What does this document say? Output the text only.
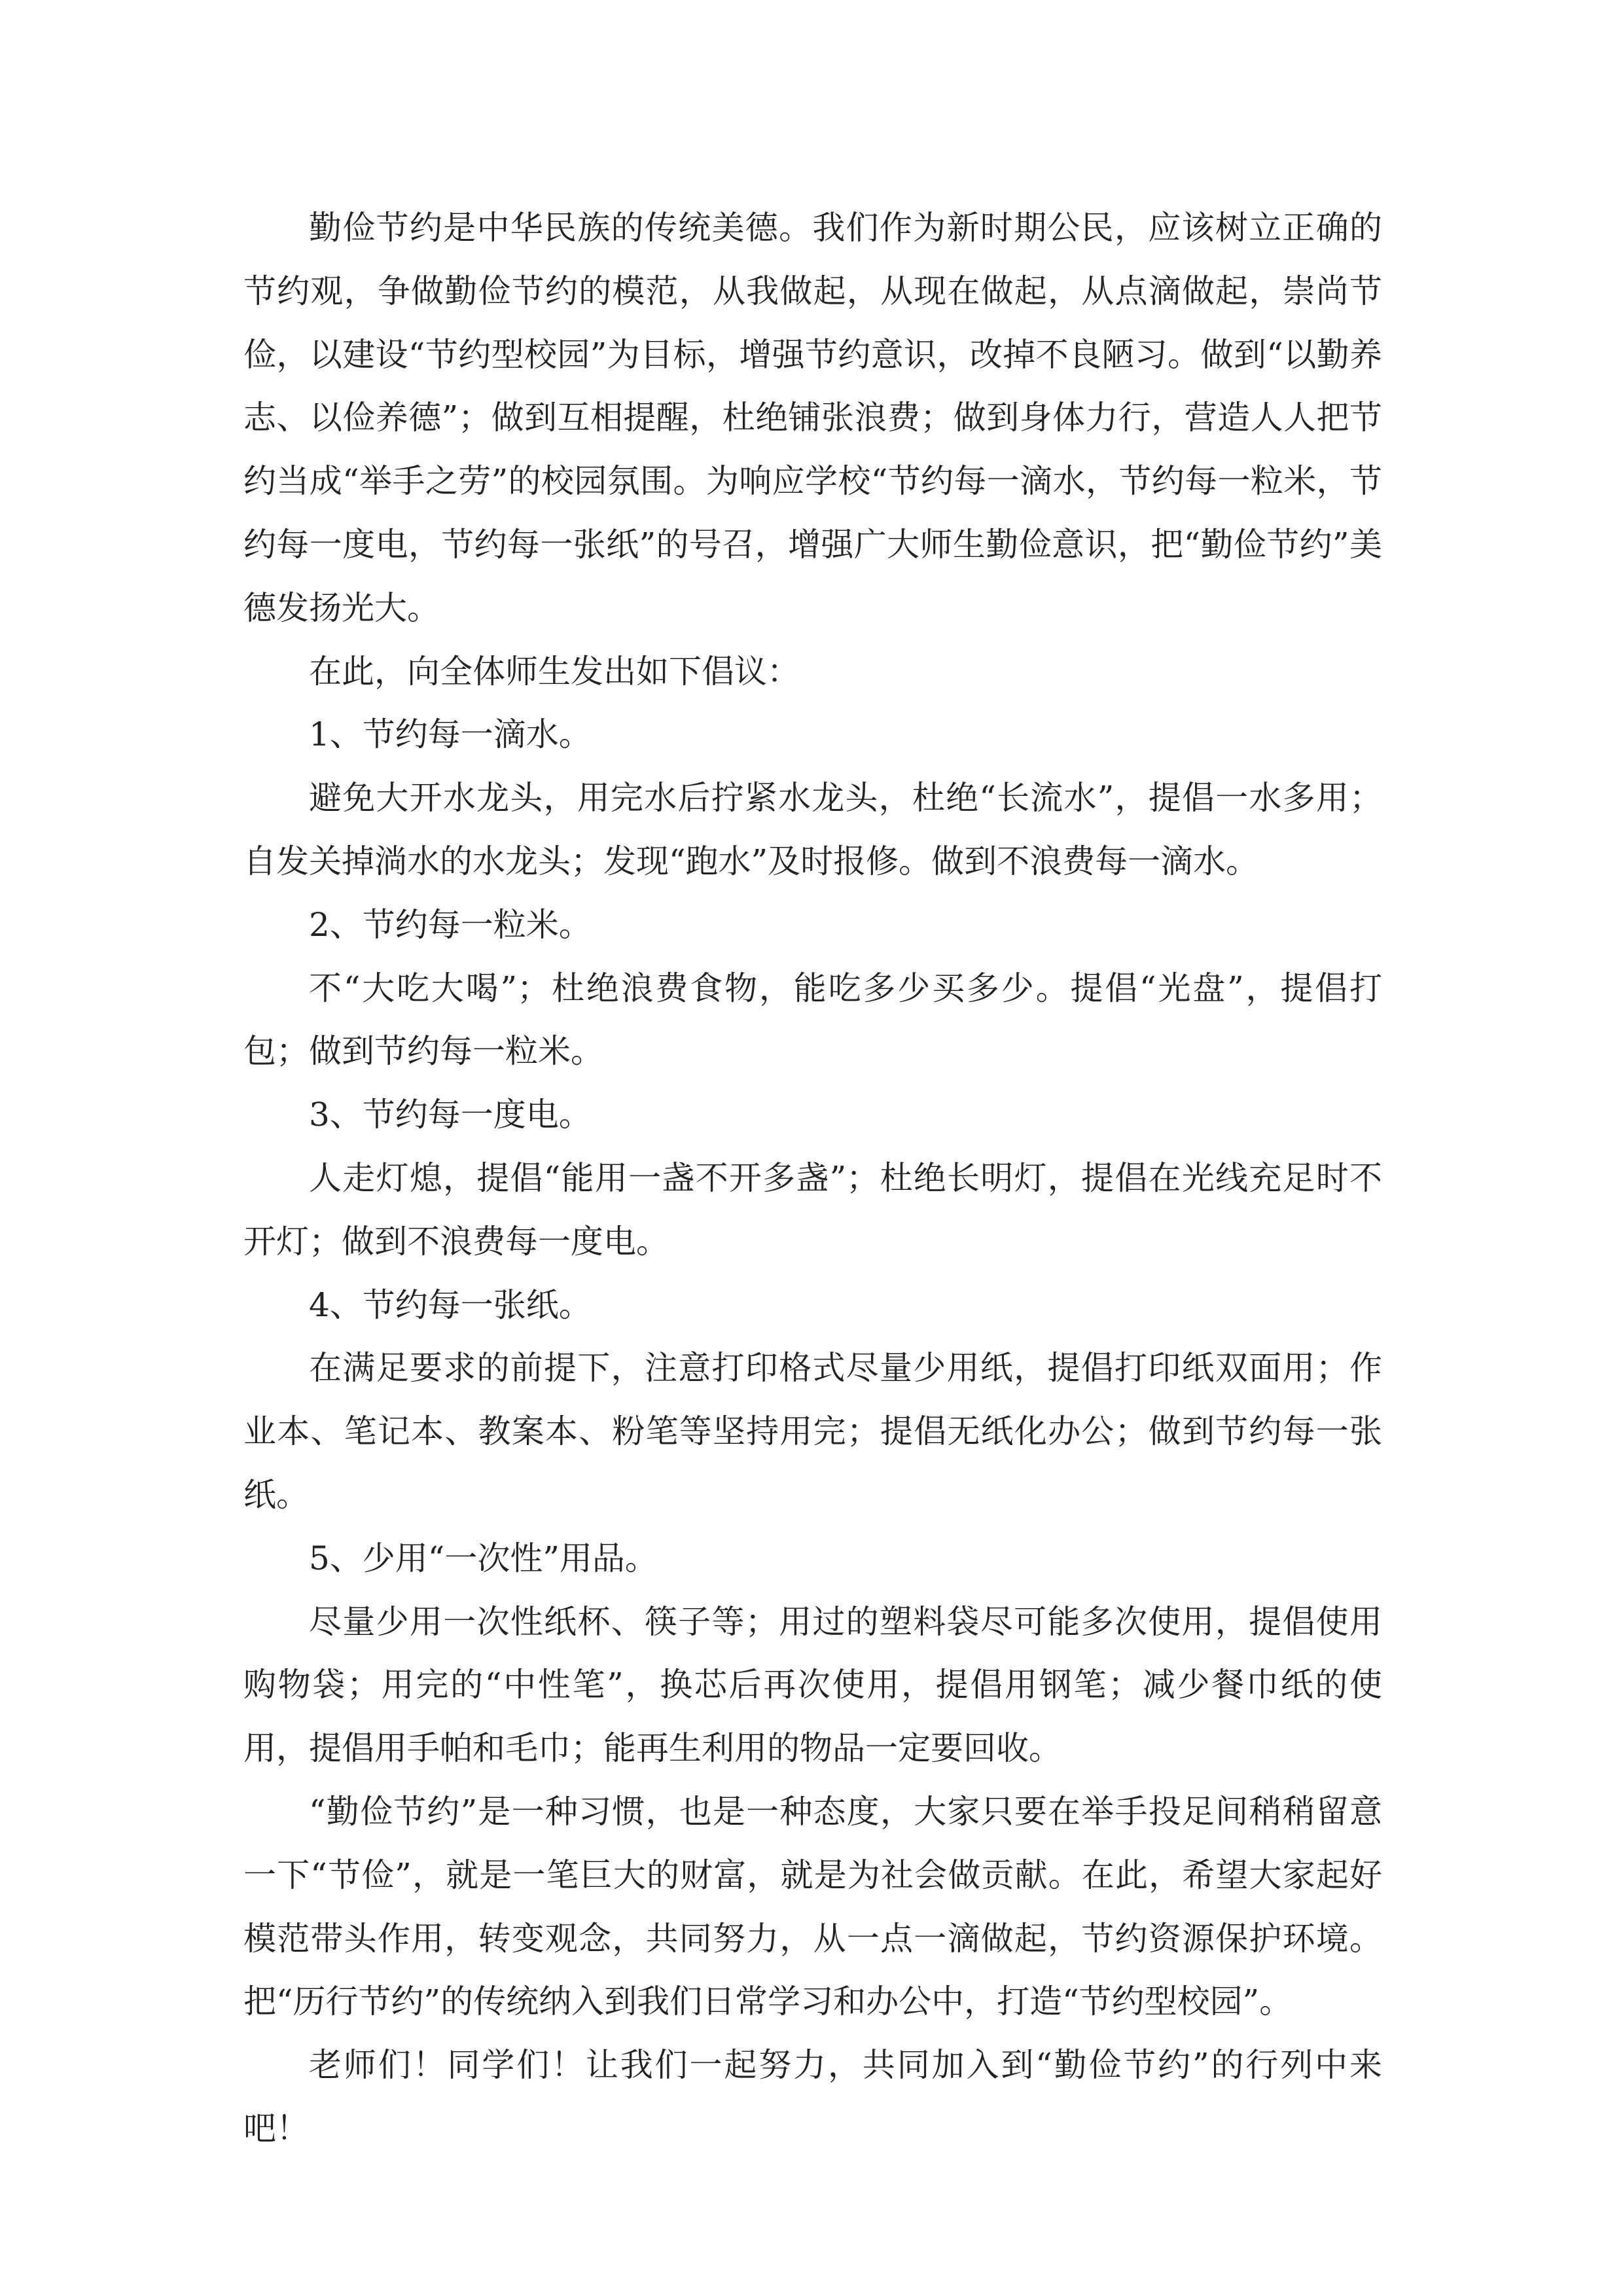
勤俭节约是中华民族的传统美德。我们作为新时期公民，应该树立正确的节约观，争做勤俭节约的模范，从我做起，从现在做起，从点滴做起，崇尚节俭，以建设“节约型校园”为目标，增强节约意识，改掉不良陋习。做到“以勤养志、以俭养德”；做到互相提醒，杜绝铺张浪费；做到身体力行，营造人人把节约当成“举手之劳”的校园氛围。为响应学校“节约每一滴水，节约每一粒米，节约每一度电，节约每一张纸”的号召，增强广大师生勤俭意识，把“勤俭节约”美德发扬光大。

在此，向全体师生发出如下倡议：

1、节约每一滴水。

避免大开水龙头，用完水后拧紧水龙头，杜绝“长流水”，提倡一水多用；自发关掉淌水的水龙头；发现“跑水”及时报修。做到不浪费每一滴水。

2、节约每一粒米。

不“大吃大喝”；杜绝浪费食物，能吃多少买多少。提倡“光盘”，提倡打包；做到节约每一粒米。

3、节约每一度电。

人走灯熄，提倡“能用一盏不开多盏”；杜绝长明灯，提倡在光线充足时不开灯；做到不浪费每一度电。

4、节约每一张纸。

在满足要求的前提下，注意打印格式尽量少用纸，提倡打印纸双面用；作业本、笔记本、教案本、粉笔等坚持用完；提倡无纸化办公；做到节约每一张纸。

5、少用“一次性”用品。

尽量少用一次性纸杯、筷子等；用过的塑料袋尽可能多次使用，提倡使用购物袋；用完的“中性笔”，换芯后再次使用，提倡用钢笔；减少餐巾纸的使用，提倡用手帕和毛巾；能再生利用的物品一定要回收。

“勤俭节约”是一种习惯，也是一种态度，大家只要在举手投足间稍稍留意一下“节俭”，就是一笔巨大的财富，就是为社会做贡献。在此，希望大家起好模范带头作用，转变观念，共同努力，从一点一滴做起，节约资源保护环境。把“历行节约”的传统纳入到我们日常学习和办公中，打造“节约型校园”。

老师们！同学们！让我们一起努力，共同加入到“勤俭节约”的行列中来吧！
